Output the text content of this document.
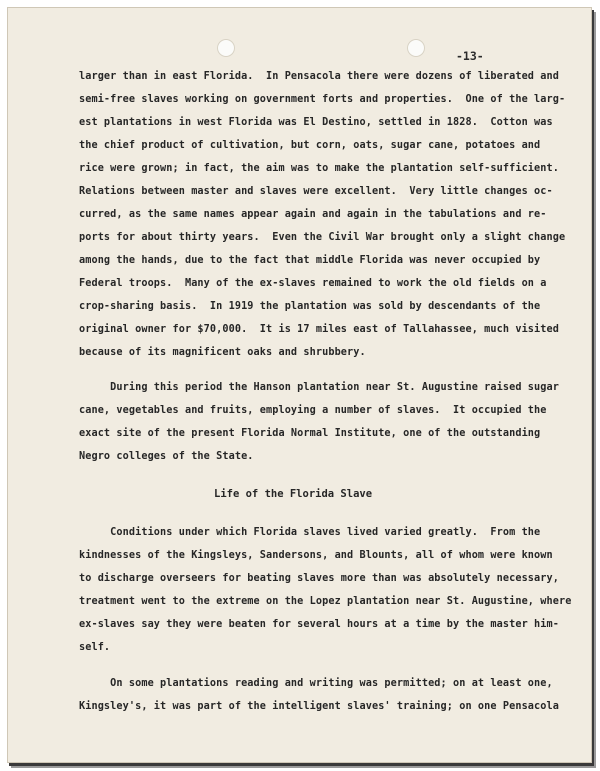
-13-
larger than in east Florida.  In Pensacola there were dozens of liberated and
semi-free slaves working on government forts and properties.  One of the larg-
est plantations in west Florida was El Destino, settled in 1828.  Cotton was
the chief product of cultivation, but corn, oats, sugar cane, potatoes and
rice were grown; in fact, the aim was to make the plantation self-sufficient.
Relations between master and slaves were excellent.  Very little changes oc-
curred, as the same names appear again and again in the tabulations and re-
ports for about thirty years.  Even the Civil War brought only a slight change
among the hands, due to the fact that middle Florida was never occupied by
Federal troops.  Many of the ex-slaves remained to work the old fields on a
crop-sharing basis.  In 1919 the plantation was sold by descendants of the
original owner for $70,000.  It is 17 miles east of Tallahassee, much visited
because of its magnificent oaks and shrubbery.
During this period the Hanson plantation near St. Augustine raised sugar
cane, vegetables and fruits, employing a number of slaves.  It occupied the
exact site of the present Florida Normal Institute, one of the outstanding
Negro colleges of the State.
Life of the Florida Slave
Conditions under which Florida slaves lived varied greatly.  From the
kindnesses of the Kingsleys, Sandersons, and Blounts, all of whom were known
to discharge overseers for beating slaves more than was absolutely necessary,
treatment went to the extreme on the Lopez plantation near St. Augustine, where
ex-slaves say they were beaten for several hours at a time by the master him-
self.
On some plantations reading and writing was permitted; on at least one,
Kingsley's, it was part of the intelligent slaves' training; on one Pensacola
